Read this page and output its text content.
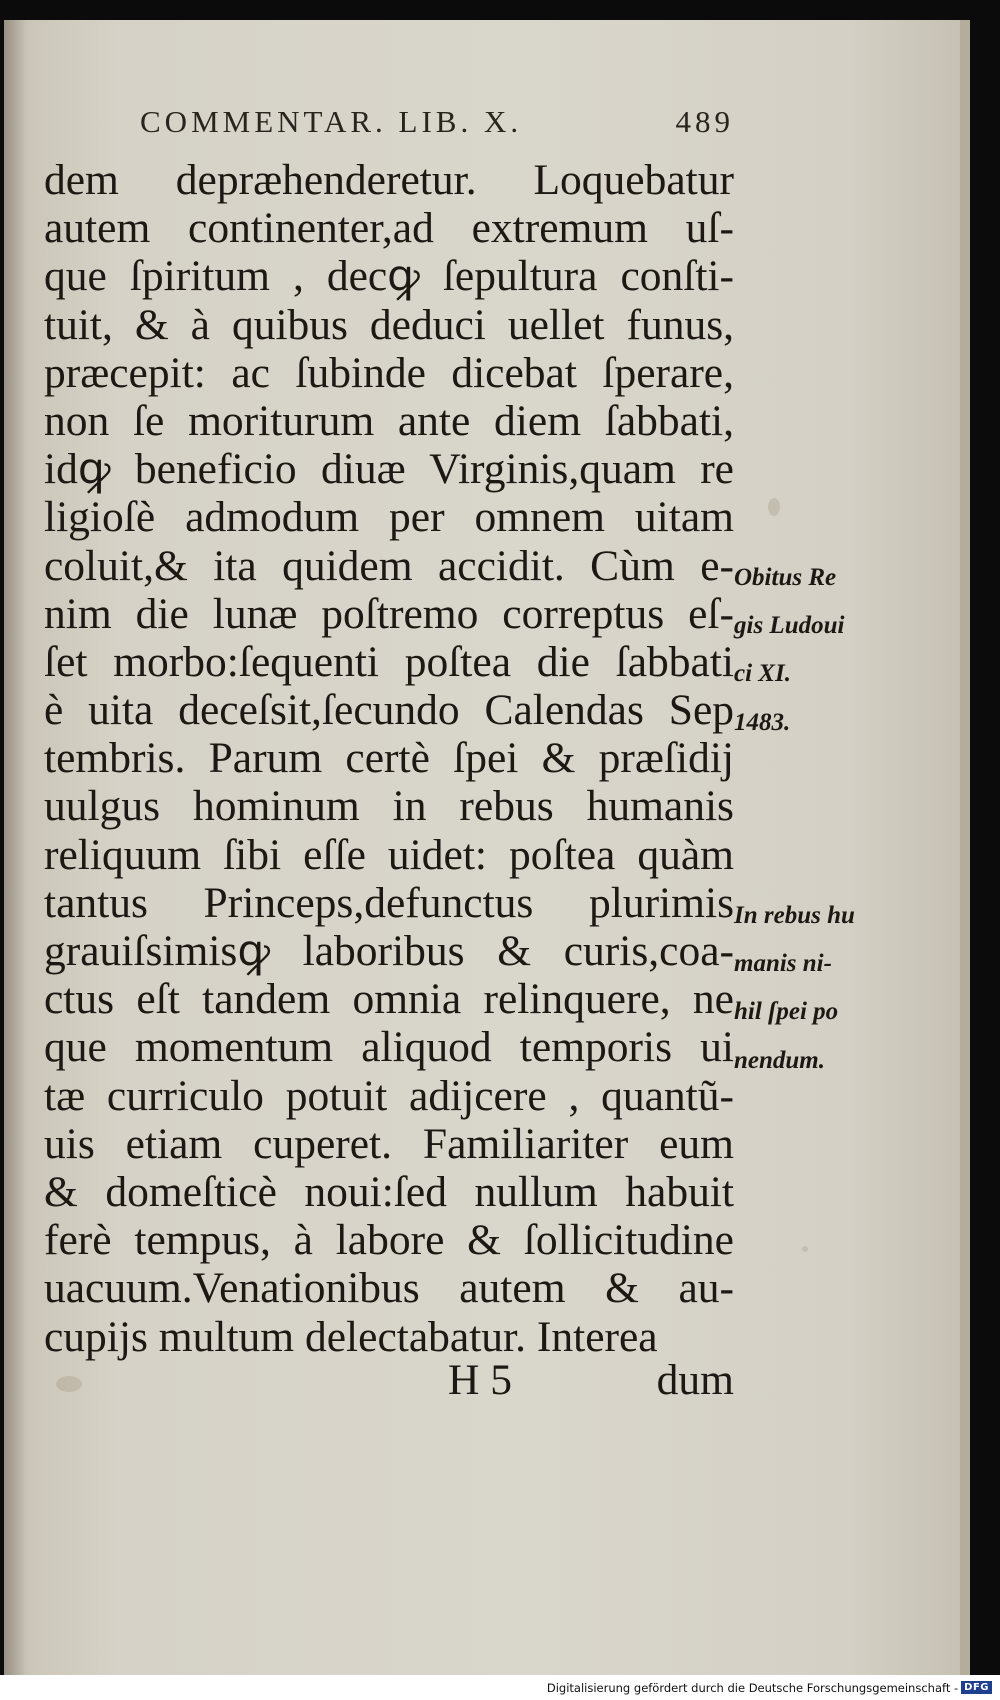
COMMENTAR. LIB. X.	489
dem depræhenderetur. Loquebatur
autem continenter,ad extremum uſ-
que ſpiritum , decꝙ ſepultura conſti-
tuit, & à quibus deduci uellet funus,
præcepit: ac ſubinde dicebat ſperare,
non ſe moriturum ante diem ſabbati,
idꝙ beneficio diuæ Virginis,quam re
ligioſè admodum per omnem uitam
coluit,& ita quidem accidit. Cùm e-
nim die lunæ poſtremo correptus eſ-
ſet morbo:ſequenti poſtea die ſabbati
è uita deceſsit,ſecundo Calendas Sep
tembris. Parum certè ſpei & præſidij
uulgus hominum in rebus humanis
reliquum ſibi eſſe uidet: poſtea quàm
tantus Princeps,defunctus plurimis
grauiſsimisꝙ laboribus & curis,coa-
ctus eſt tandem omnia relinquere, ne
que momentum aliquod temporis ui
tæ curriculo potuit adijcere , quantũ-
uis etiam cuperet. Familiariter eum
& domeſticè noui:ſed nullum habuit
ferè tempus, à labore & ſollicitudine
uacuum.Venationibus autem & au-
cupijs multum delectabatur. Interea
Obitus Re
gis Ludoui
ci XI.
1483.
In rebus hu
manis ni-
hil ſpei po
nendum.
H 5	dum
Digitalisierung gefördert durch die Deutsche Forschungsgemeinschaft - DFG
